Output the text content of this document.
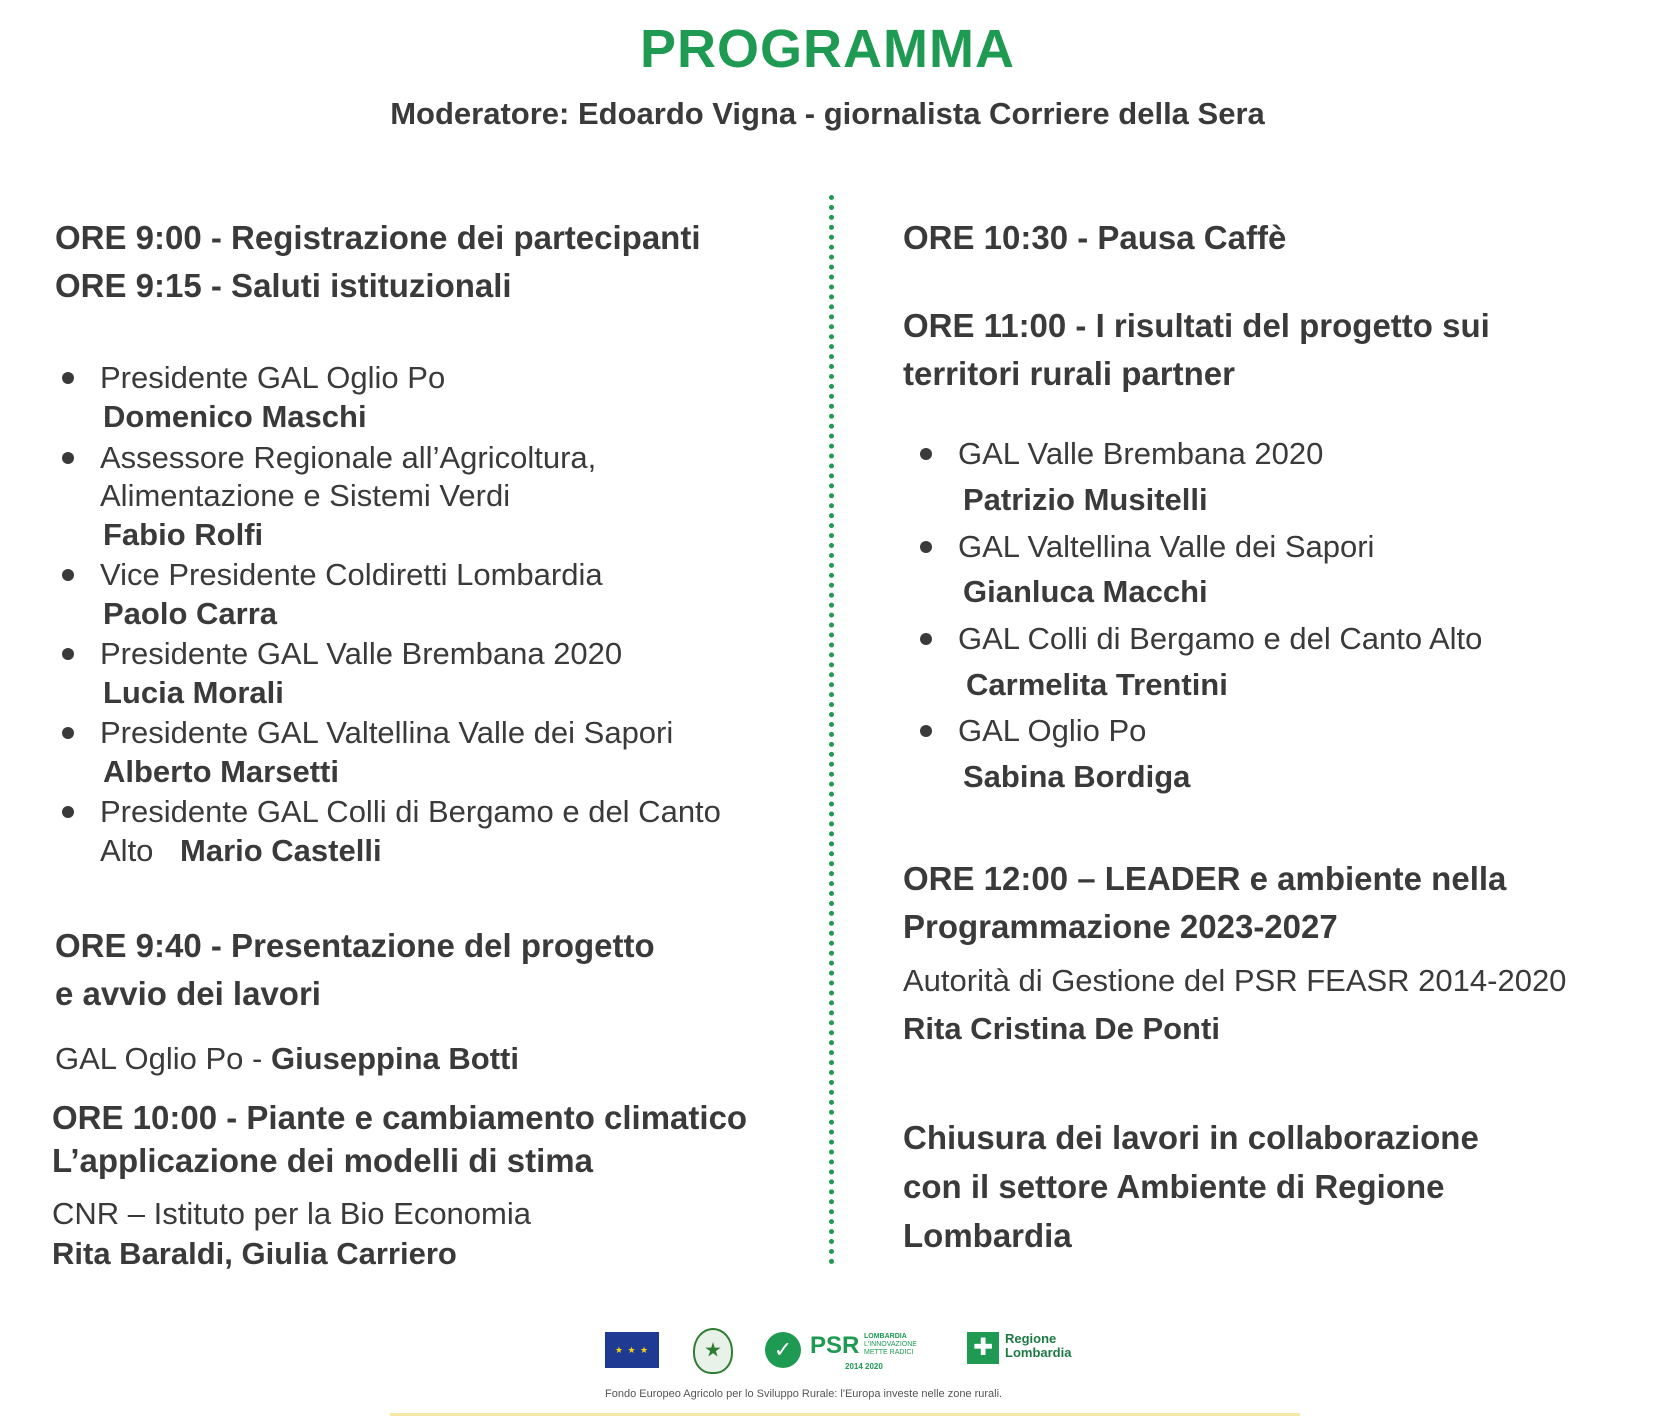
PROGRAMMA
Moderatore: Edoardo Vigna - giornalista Corriere della Sera
ORE 9:00 - Registrazione dei partecipanti
ORE 9:15 - Saluti istituzionali
Presidente GAL Oglio Po
Domenico Maschi
Assessore Regionale all’Agricoltura,
Alimentazione e Sistemi Verdi
Fabio Rolfi
Vice Presidente Coldiretti Lombardia
Paolo Carra
Presidente GAL Valle Brembana 2020
Lucia Morali
Presidente GAL Valtellina Valle dei Sapori
Alberto Marsetti
Presidente GAL Colli di Bergamo e del Canto
Alto Mario Castelli
ORE 9:40 - Presentazione del progetto
e avvio dei lavori
GAL Oglio Po - Giuseppina Botti
ORE 10:00 - Piante e cambiamento climatico
L’applicazione dei modelli di stima
CNR – Istituto per la Bio Economia
Rita Baraldi, Giulia Carriero
ORE 10:30 - Pausa Caffè
ORE 11:00 - I risultati del progetto sui
territori rurali partner
GAL Valle Brembana 2020
Patrizio Musitelli
GAL Valtellina Valle dei Sapori
Gianluca Macchi
GAL Colli di Bergamo e del Canto Alto
Carmelita Trentini
GAL Oglio Po
Sabina Bordiga
ORE 12:00 – LEADER e ambiente nella
Programmazione 2023-2027
Autorità di Gestione del PSR FEASR 2014-2020
Rita Cristina De Ponti
Chiusura dei lavori in collaborazione
con il settore Ambiente di Regione
Lombardia
★ ★ ★	✓ PSR LOMBARDIA
L'INNOVAZIONE
METTE RADICI
2014 2020
✚ Regione
Lombardia
Fondo Europeo Agricolo per lo Sviluppo Rurale: l'Europa investe nelle zone rurali.
